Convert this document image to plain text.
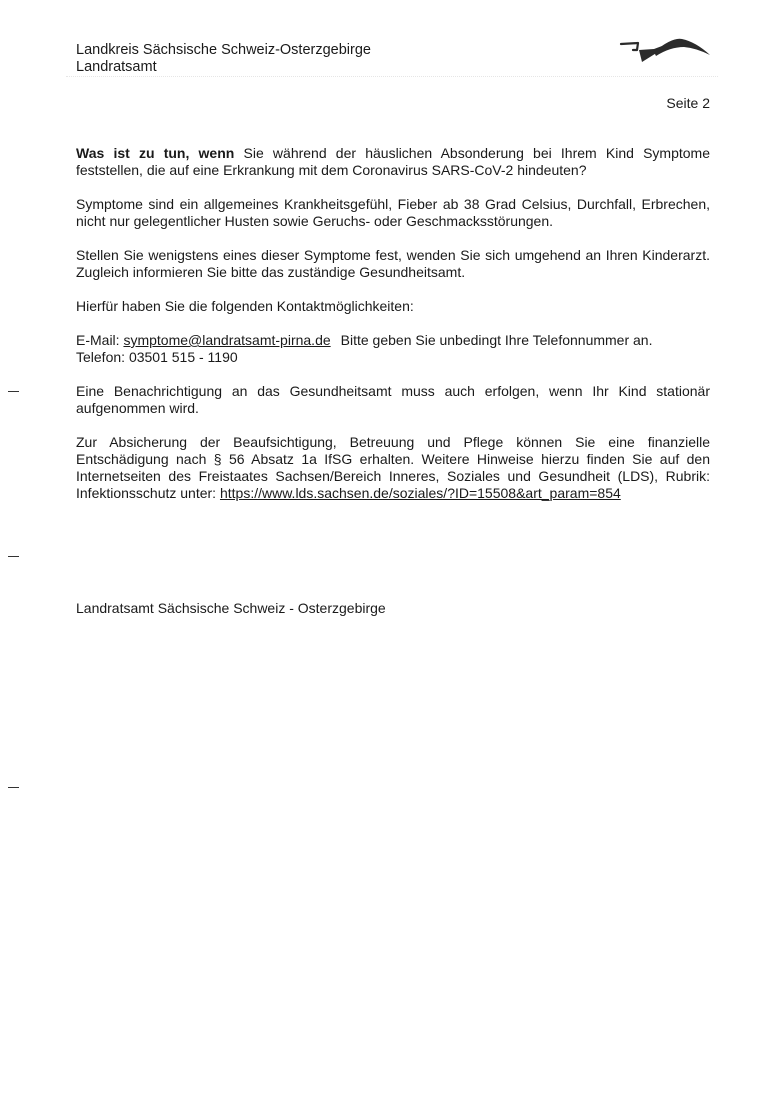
Landkreis Sächsische Schweiz-Osterzgebirge
Landratsamt
Seite 2

Was ist zu tun, wenn Sie während der häuslichen Absonderung bei Ihrem Kind Symptome feststellen, die auf eine Erkrankung mit dem Coronavirus SARS-CoV-2 hindeuten?

Symptome sind ein allgemeines Krankheitsgefühl, Fieber ab 38 Grad Celsius, Durchfall, Erbrechen, nicht nur gelegentlicher Husten sowie Geruchs- oder Geschmacksstörungen.

Stellen Sie wenigstens eines dieser Symptome fest, wenden Sie sich umgehend an Ihren Kinderarzt. Zugleich informieren Sie bitte das zuständige Gesundheitsamt.

Hierfür haben Sie die folgenden Kontaktmöglichkeiten:

E-Mail: symptome@landratsamt-pirna.de Bitte geben Sie unbedingt Ihre Telefonnummer an.
Telefon: 03501 515 - 1190

Eine Benachrichtigung an das Gesundheitsamt muss auch erfolgen, wenn Ihr Kind stationär aufgenommen wird.

Zur Absicherung der Beaufsichtigung, Betreuung und Pflege können Sie eine finanzielle Entschädigung nach § 56 Absatz 1a IfSG erhalten. Weitere Hinweise hierzu finden Sie auf den Internetseiten des Freistaates Sachsen/Bereich Inneres, Soziales und Gesundheit (LDS), Rubrik: Infektionsschutz unter: https://www.lds.sachsen.de/soziales/?ID=15508&art_param=854

Landratsamt Sächsische Schweiz - Osterzgebirge
